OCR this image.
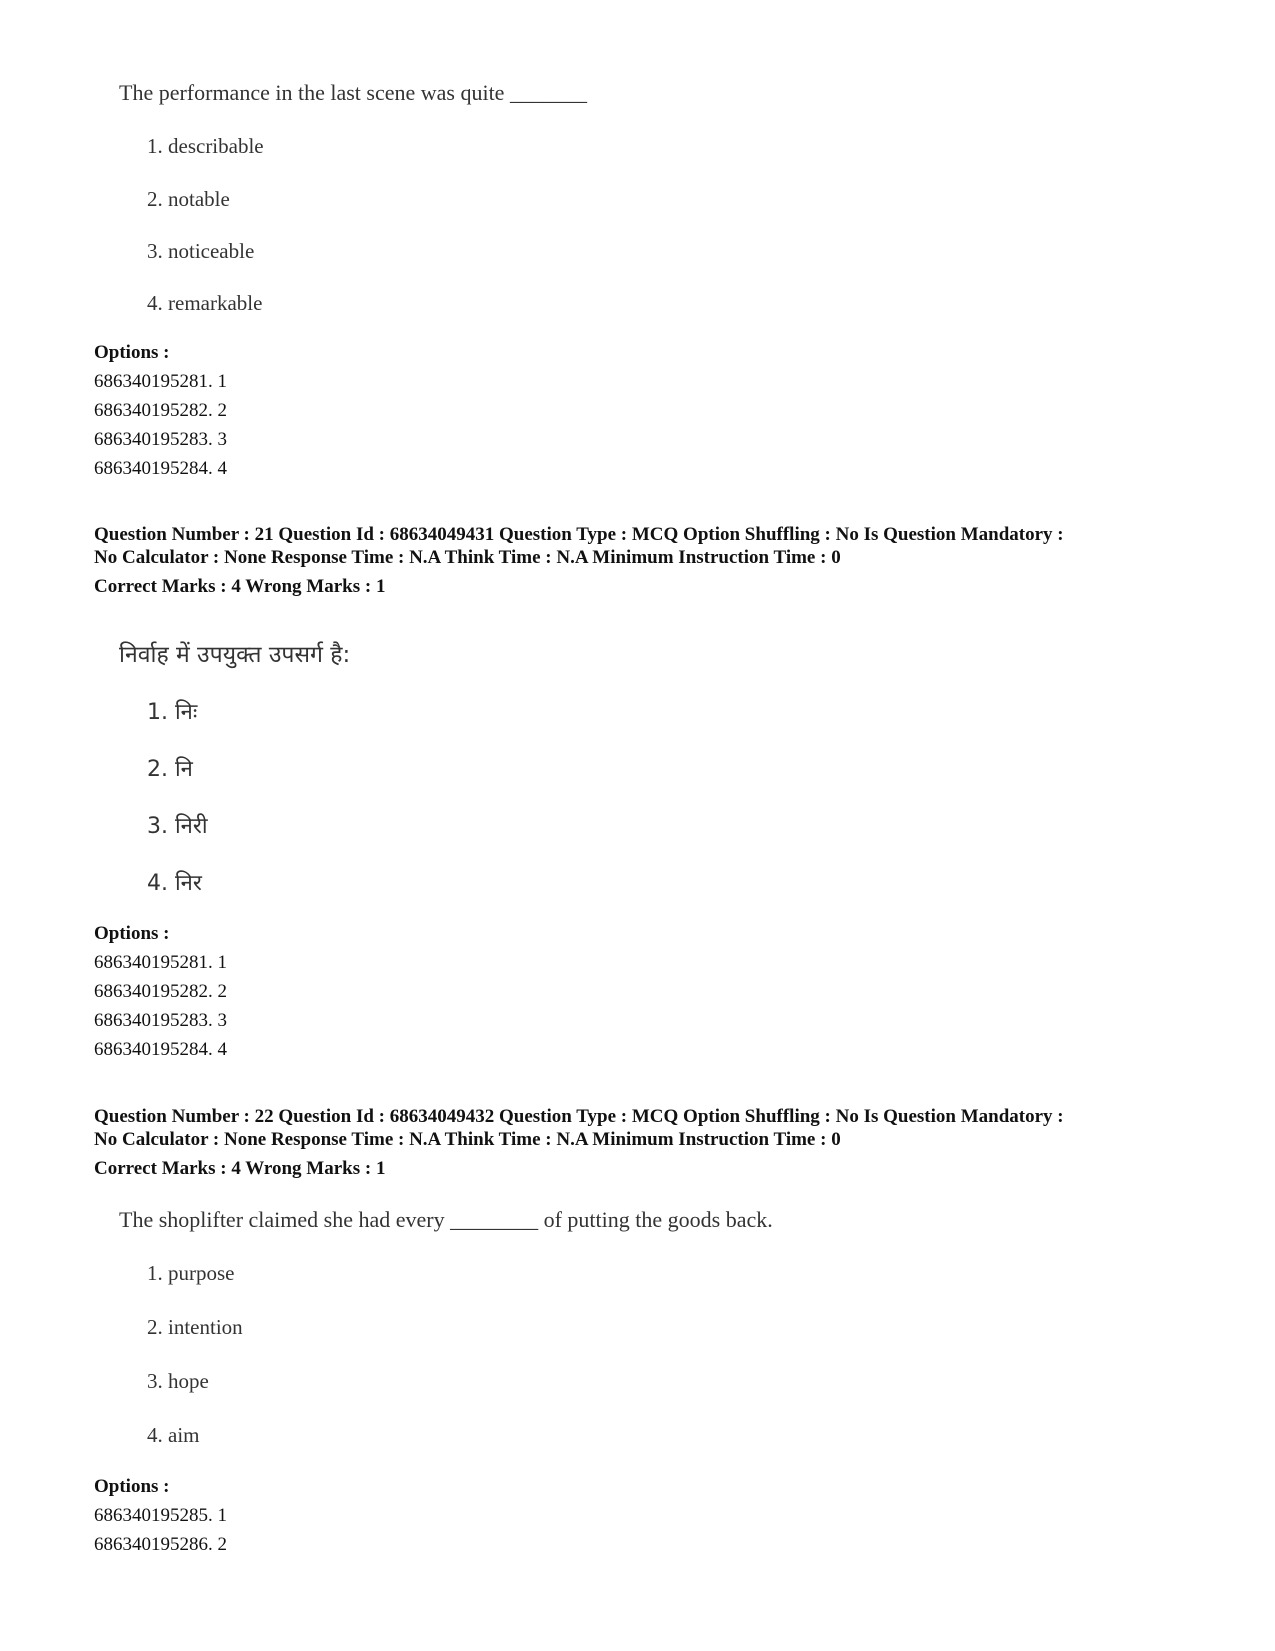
The performance in the last scene was quite _______
1. describable
2. notable
3. noticeable
4. remarkable
Options :
686340195281. 1
686340195282. 2
686340195283. 3
686340195284. 4
Question Number : 21 Question Id : 68634049431 Question Type : MCQ Option Shuffling : No Is Question Mandatory :
No Calculator : None Response Time : N.A Think Time : N.A Minimum Instruction Time : 0
Correct Marks : 4 Wrong Marks : 1
निर्वाह में उपयुक्त उपसर्ग है:
1. निः
2. नि
3. निरी
4. निर
Options :
686340195281. 1
686340195282. 2
686340195283. 3
686340195284. 4
Question Number : 22 Question Id : 68634049432 Question Type : MCQ Option Shuffling : No Is Question Mandatory :
No Calculator : None Response Time : N.A Think Time : N.A Minimum Instruction Time : 0
Correct Marks : 4 Wrong Marks : 1
The shoplifter claimed she had every ________ of putting the goods back.
1. purpose
2. intention
3. hope
4. aim
Options :
686340195285. 1
686340195286. 2
